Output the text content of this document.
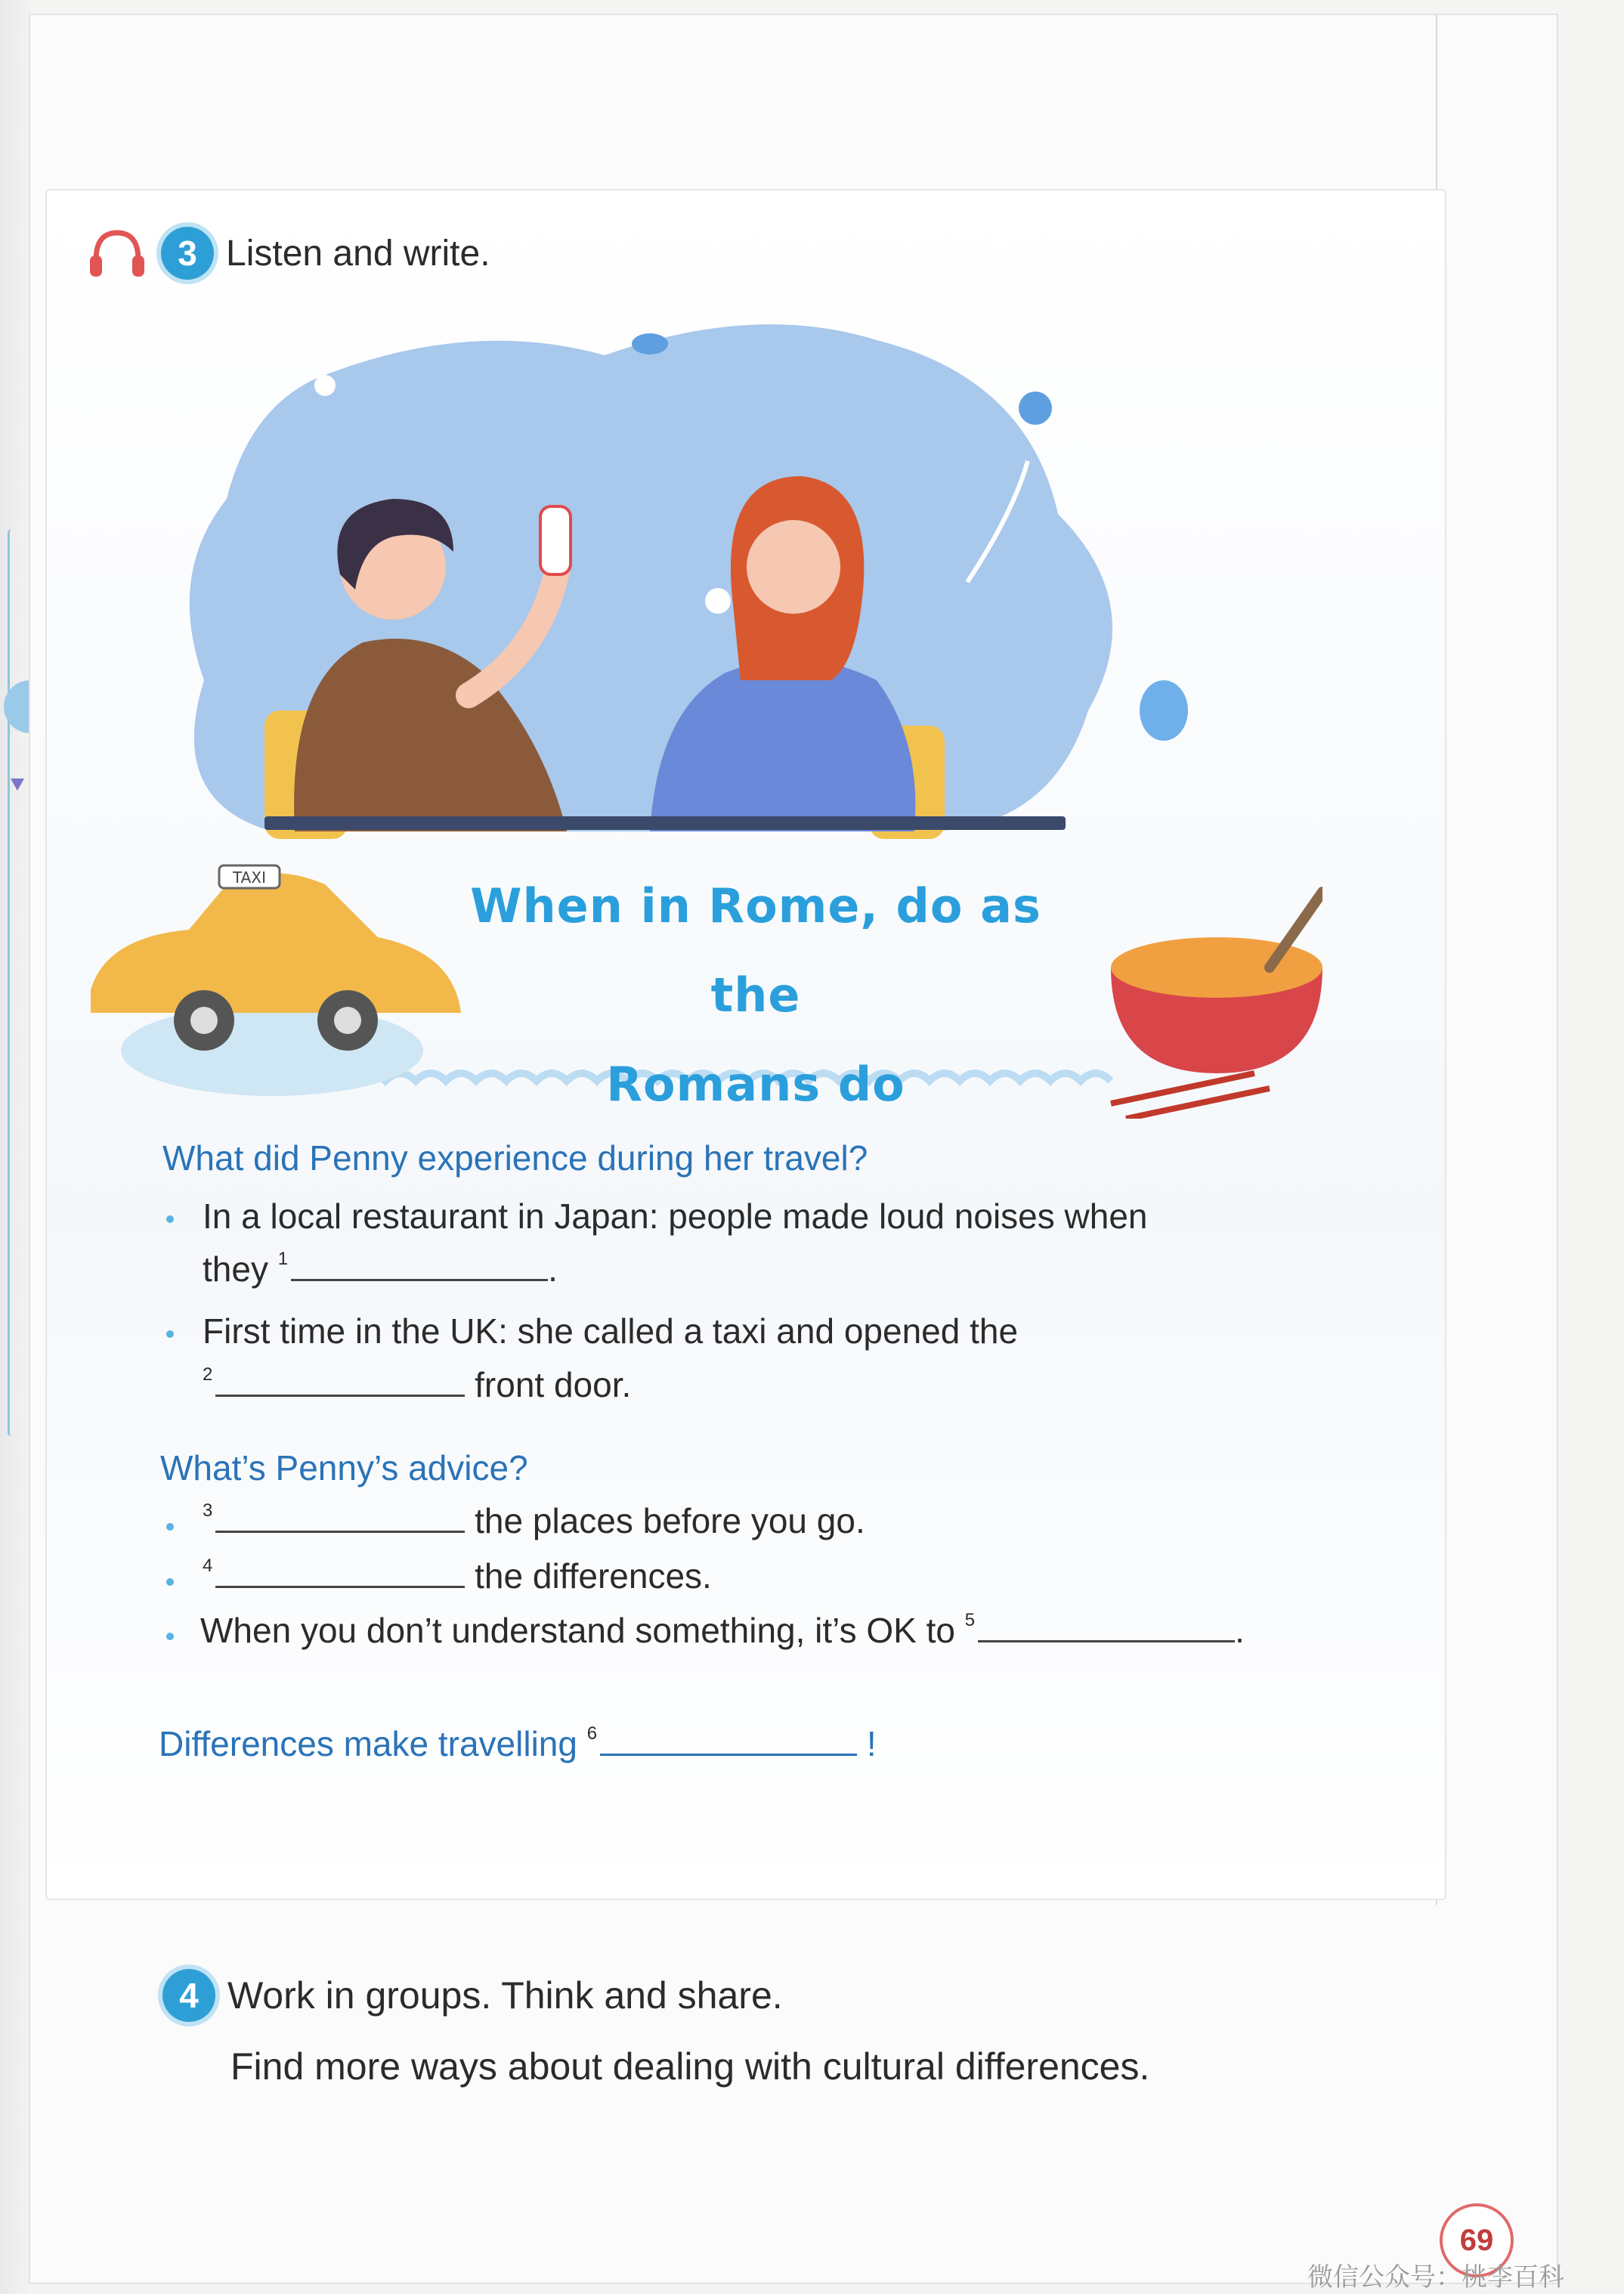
3 Listen and write.
TAXI
When in Rome, do as the
Romans do
What did Penny experience during her travel?
In a local restaurant in Japan: people made loud noises when
they $^1$	.
First time in the UK: she called a taxi and opened the
$^2$	front door.
What’s Penny’s advice?
$^3$	the places before you go.
$^4$	the differences.
When you don’t understand something, it’s OK to $^5$	.
Differences make travelling $^6$	!
4 Work in groups. Think and share.
Find more ways about dealing with cultural differences.
69
微信公众号：桃李百科
